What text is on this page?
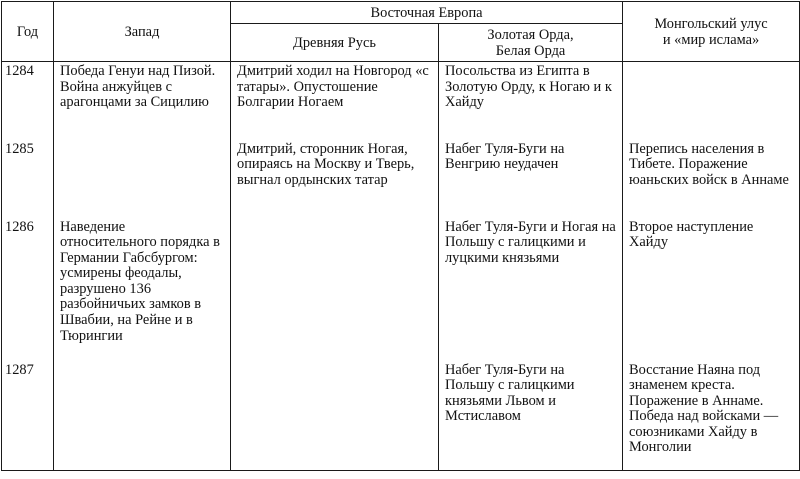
Год	Запад	Восточная Европа		Монгольский улус
и «мир ислама»

		Древняя Русь	Золотая Орда,
Белая Орда	

1284	Победа Генуи над Пизой. Война анжуйцев с арагонцами за Сицилию	Дмитрий ходил на Новгород «с татары». Опустошение Болгарии Ногаем	Посольства из Египта в Золотую Орду, к Ногаю и к Хайду	
1285		Дмитрий, сторонник Ногая, опираясь на Москву и Тверь, выгнал ордынских татар	Набег Туля-Буги на Венгрию неудачен	Перепись населения в Тибете. Поражение юаньских войск в Аннаме
1286	Наведение относительного порядка в Германии Габсбургом: усмирены феодалы, разрушено 136 разбойничьих замков в Швабии, на Рейне и в Тюрингии		Набег Туля-Буги и Ногая на Польшу с галицкими и луцкими князьями	Второе наступление Хайду
1287			Набег Туля-Буги на Польшу с галицкими князьями Львом и Мстиславом	Восстание Наяна под знаменем креста. Поражение в Аннаме. Победа над войсками — союзниками Хайду в Монголии
